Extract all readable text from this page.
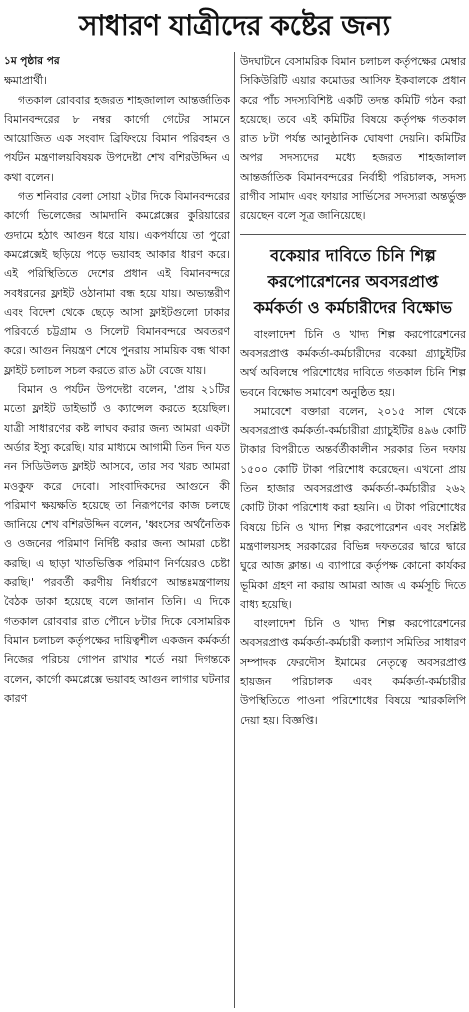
সাধারণ যাত্রীদের কষ্টের জন্য

১ম পৃষ্ঠার পর

ক্ষমাপ্রার্থী।

গতকাল রোববার হজরত শাহজালাল আন্তর্জাতিক বিমানবন্দরের ৮ নম্বর কার্গো গেটের সামনে আয়োজিত এক সংবাদ ব্রিফিংয়ে বিমান পরিবহন ও পর্যটন মন্ত্রণালয়বিষয়ক উপদেষ্টা শেখ বশিরউদ্দিন এ কথা বলেন।

গত শনিবার বেলা সোয়া ২টার দিকে বিমানবন্দরের কার্গো ভিলেজের আমদানি কমপ্লেক্সের কুরিয়ারের গুদামে হঠাৎ আগুন ধরে যায়। একপর্যায়ে তা পুরো কমপ্লেক্সেই ছড়িয়ে পড়ে ভয়াবহ আকার ধারণ করে। এই পরিস্থিতিতে দেশের প্রধান এই বিমানবন্দরে সবধরনের ফ্লাইট ওঠানামা বন্ধ হয়ে যায়। অভ্যন্তরীণ এবং বিদেশ থেকে ছেড়ে আসা ফ্লাইটগুলো ঢাকার পরিবর্তে চট্টগ্রাম ও সিলেট বিমানবন্দরে অবতরণ করে। আগুন নিয়ন্ত্রণ শেষে পুনরায় সাময়িক বন্ধ থাকা ফ্লাইট চলাচল সচল করতে রাত ৯টা বেজে যায়।

বিমান ও পর্যটন উপদেষ্টা বলেন, 'প্রায় ২১টির মতো ফ্লাইট ডাইভার্ট ও ক্যান্সেল করতে হয়েছিল। যাত্রী সাধারণের কষ্ট লাঘব করার জন্য আমরা একটা অর্ডার ইস্যু করেছি। যার মাধ্যমে আগামী তিন দিন যত নন সিডিউলড ফ্লাইট আসবে, তার সব খরচ আমরা মওকুফ করে দেবো। সাংবাদিকদের আগুনে কী পরিমাণ ক্ষয়ক্ষতি হয়েছে তা নিরূপণের কাজ চলছে জানিয়ে শেখ বশিরউদ্দিন বলেন, 'ধ্বংসের অর্থনৈতিক ও ওজনের পরিমাণ নির্দিষ্ট করার জন্য আমরা চেষ্টা করছি। এ ছাড়া খাতভিত্তিক পরিমাণ নির্ণয়েরও চেষ্টা করছি।' পরবর্তী করণীয় নির্ধারণে আন্তঃমন্ত্রণালয় বৈঠক ডাকা হয়েছে বলে জানান তিনি। এ দিকে গতকাল রোববার রাত পৌনে ৮টার দিকে বেসামরিক বিমান চলাচল কর্তৃপক্ষের দায়িত্বশীল একজন কর্মকর্তা নিজের পরিচয় গোপন রাখার শর্তে নয়া দিগন্তকে বলেন, কার্গো কমপ্লেক্সে ভয়াবহ আগুন লাগার ঘটনার কারণ

উদঘাটনে বেসামরিক বিমান চলাচল কর্তৃপক্ষের মেম্বার সিকিউরিটি এয়ার কমোডর আসিফ ইকবালকে প্রধান করে পাঁচ সদস্যবিশিষ্ট একটি তদন্ত কমিটি গঠন করা হয়েছে। তবে এই কমিটির বিষয়ে কর্তৃপক্ষ গতকাল রাত ৮টা পর্যন্ত আনুষ্ঠানিক ঘোষণা দেয়নি। কমিটির অপর সদস্যদের মধ্যে হজরত শাহজালাল আন্তর্জাতিক বিমানবন্দরের নির্বাহী পরিচালক, সদস্য রাগীব সামাদ এবং ফায়ার সার্ভিসের সদস্যরা অন্তর্ভুক্ত রয়েছেন বলে সূত্র জানিয়েছে।

বকেয়ার দাবিতে চিনি শিল্প করপোরেশনের অবসরপ্রাপ্ত কর্মকর্তা ও কর্মচারীদের বিক্ষোভ

বাংলাদেশ চিনি ও খাদ্য শিল্প করপোরেশনের অবসরপ্রাপ্ত কর্মকর্তা-কর্মচারীদের বকেয়া গ্র্যাচুইটির অর্থ অবিলম্বে পরিশোধের দাবিতে গতকাল চিনি শিল্প ভবনে বিক্ষোভ সমাবেশ অনুষ্ঠিত হয়।

সমাবেশে বক্তারা বলেন, ২০১৫ সাল থেকে অবসরপ্রাপ্ত কর্মকর্তা-কর্মচারীরা গ্র্যাচুইটির ৪৯৬ কোটি টাকার বিপরীতে অন্তর্বর্তীকালীন সরকার তিন দফায় ১৫০০ কোটি টাকা পরিশোধ করেছেন। এখনো প্রায় তিন হাজার অবসরপ্রাপ্ত কর্মকর্তা-কর্মচারীর ২৬২ কোটি টাকা পরিশোধ করা হয়নি। এ টাকা পরিশোধের বিষয়ে চিনি ও খাদ্য শিল্প করপোরেশন এবং সংশ্লিষ্ট মন্ত্রণালয়সহ সরকারের বিভিন্ন দফতরের দ্বারে দ্বারে ঘুরে আজ ক্লান্ত। এ ব্যাপারে কর্তৃপক্ষ কোনো কার্যকর ভূমিকা গ্রহণ না করায় আমরা আজ এ কর্মসূচি দিতে বাধ্য হয়েছি।

বাংলাদেশ চিনি ও খাদ্য শিল্প করপোরেশনের অবসরপ্রাপ্ত কর্মকর্তা-কর্মচারী কল্যাণ সমিতির সাধারণ সম্পাদক ফেরদৌস ইমামের নেতৃত্বে অবসরপ্রাপ্ত হায়জন পরিচালক এবং কর্মকর্তা-কর্মচারীর উপস্থিতিতে পাওনা পরিশোধের বিষয়ে স্মারকলিপি দেয়া হয়। বিজ্ঞপ্তি।
